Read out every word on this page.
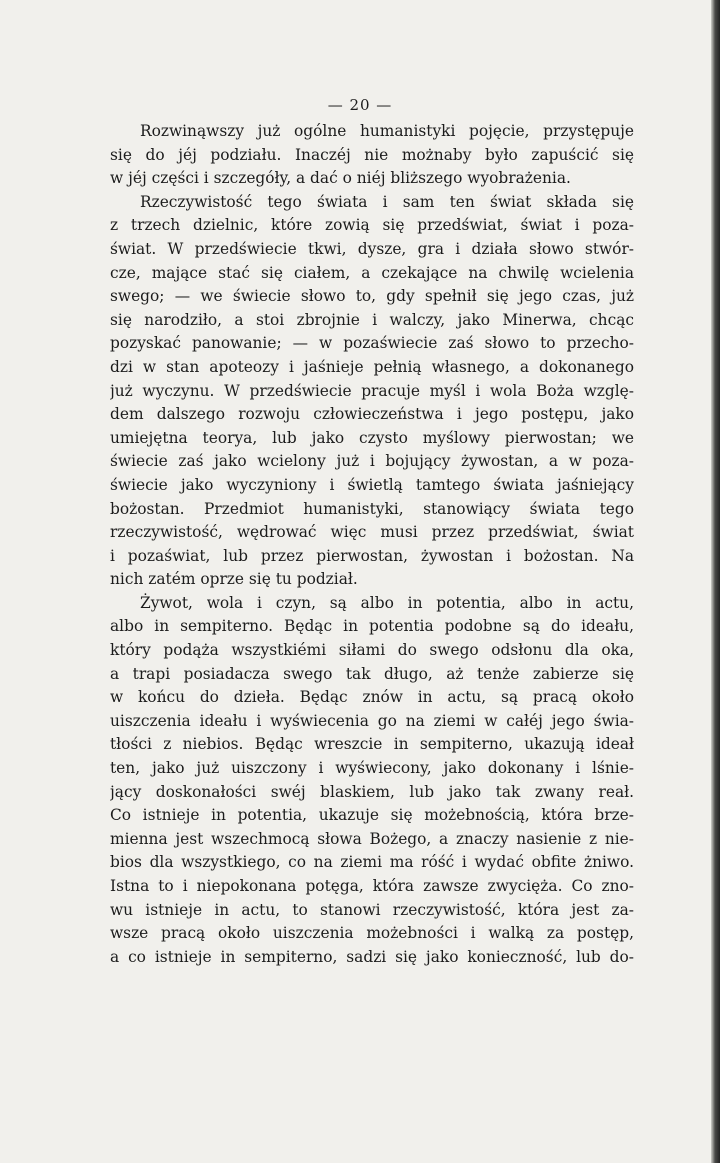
— 20 —
Rozwinąwszy już ogólne humanistyki pojęcie, przystępuje
się do jéj podziału. Inaczéj nie możnaby było zapuścić się
w jéj części i szczegóły, a dać o niéj bliższego wyobrażenia.
Rzeczywistość tego świata i sam ten świat składa się
z trzech dzielnic, które zowią się przedświat, świat i poza-
świat. W przedświecie tkwi, dysze, gra i działa słowo stwór-
cze, mające stać się ciałem, a czekające na chwilę wcielenia
swego; — we świecie słowo to, gdy spełnił się jego czas, już
się narodziło, a stoi zbrojnie i walczy, jako Minerwa, chcąc
pozyskać panowanie; — w pozaświecie zaś słowo to przecho-
dzi w stan apoteozy i jaśnieje pełnią własnego, a dokonanego
już wyczynu. W przedświecie pracuje myśl i wola Boża wzglę-
dem dalszego rozwoju człowieczeństwa i jego postępu, jako
umiejętna teorya, lub jako czysto myślowy pierwostan; we
świecie zaś jako wcielony już i bojujący żywostan, a w poza-
świecie jako wyczyniony i świetlą tamtego świata jaśniejący
bożostan. Przedmiot humanistyki, stanowiący świata tego
rzeczywistość, wędrować więc musi przez przedświat, świat
i pozaświat, lub przez pierwostan, żywostan i bożostan. Na
nich zatém oprze się tu podział.
Żywot, wola i czyn, są albo in potentia, albo in actu,
albo in sempiterno. Będąc in potentia podobne są do ideału,
który podąża wszystkiémi siłami do swego odsłonu dla oka,
a trapi posiadacza swego tak długo, aż tenże zabierze się
w końcu do dzieła. Będąc znów in actu, są pracą około
uiszczenia ideału i wyświecenia go na ziemi w całéj jego świa-
tłości z niebios. Będąc wreszcie in sempiterno, ukazują ideał
ten, jako już uiszczony i wyświecony, jako dokonany i lśnie-
jący doskonałości swéj blaskiem, lub jako tak zwany reał.
Co istnieje in potentia, ukazuje się możebnością, która brze-
mienna jest wszechmocą słowa Bożego, a znaczy nasienie z nie-
bios dla wszystkiego, co na ziemi ma róść i wydać obfite żniwo.
Istna to i niepokonana potęga, która zawsze zwycięża. Co zno-
wu istnieje in actu, to stanowi rzeczywistość, która jest za-
wsze pracą około uiszczenia możebności i walką za postęp,
a co istnieje in sempiterno, sadzi się jako konieczność, lub do-
